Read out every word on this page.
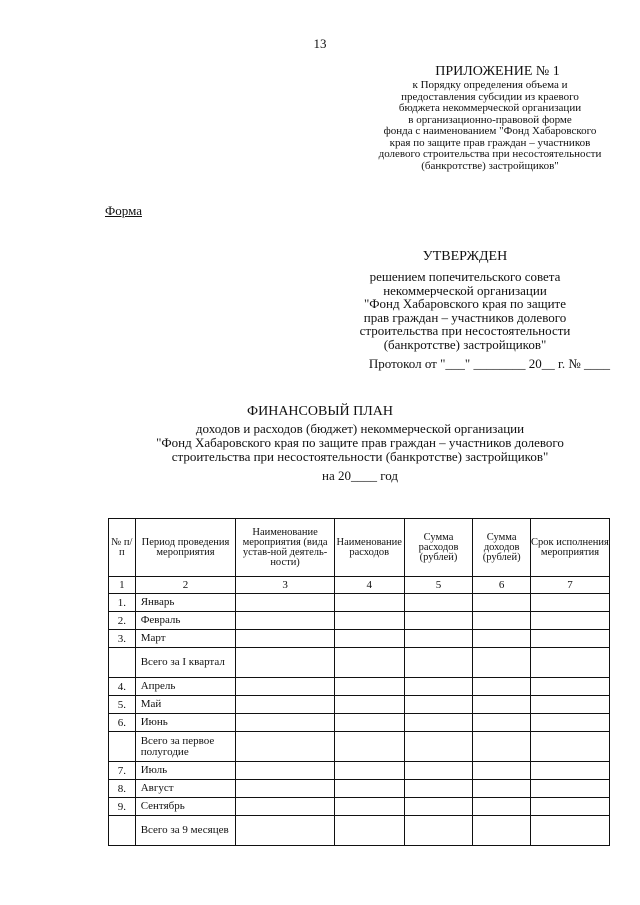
13
ПРИЛОЖЕНИЕ № 1
к Порядку определения объема и
предоставления субсидии из краевого
бюджета некоммерческой организации
в организационно-правовой форме
фонда с наименованием "Фонд Хабаровского
края по защите прав граждан – участников
долевого строительства при несостоятельности
(банкротстве) застройщиков"
Форма
УТВЕРЖДЕН
решением попечительского совета
некоммерческой организации
"Фонд Хабаровского края по защите
прав граждан – участников долевого
строительства при несостоятельности
(банкротстве) застройщиков"
Протокол от "___" ________ 20__ г. № ____
ФИНАНСОВЫЙ ПЛАН
доходов и расходов (бюджет) некоммерческой организации
"Фонд Хабаровского края по защите прав граждан – участников долевого
строительства при несостоятельности (банкротстве) застройщиков"
на 20____ год
№ п/п	Период проведения мероприятия	Наименование мероприятия (вида устав-ной деятель-ности)	Наименование расходов	Сумма расходов (рублей)	Сумма доходов (рублей)	Срок исполнения мероприятия
1	2	3	4	5	6	7
1.	Январь					
2.	Февраль					
3.	Март					
	Всего за I квартал					
4.	Апрель					
5.	Май					
6.	Июнь					
	Всего за первое полугодие					
7.	Июль					
8.	Август					
9.	Сентябрь					
	Всего за 9 месяцев					
